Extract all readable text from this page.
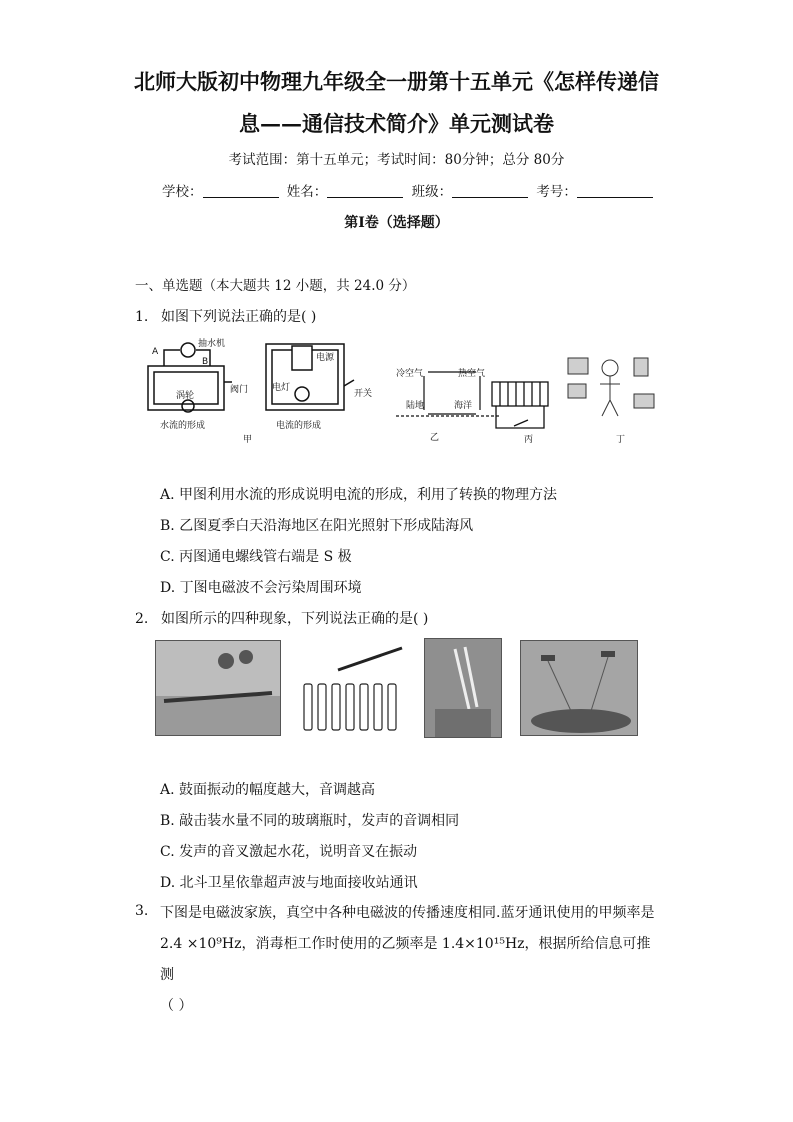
北师大版初中物理九年级全一册第十五单元《怎样传递信
息——通信技术简介》单元测试卷
考试范围：第十五单元；考试时间：80分钟；总分 80分
学校：	姓名：	班级：	考号：
第Ⅰ卷（选择题）
一、单选题（本大题共 12 小题，共 24.0 分）
1. 如图下列说法正确的是( )
抽水机
A
B
涡轮
阀门
水流的形成
甲
电源
电灯
开关
电流的形成
冷空气	热空气
陆地	海洋
乙	丙	丁
A. 甲图利用水流的形成说明电流的形成，利用了转换的物理方法
B. 乙图夏季白天沿海地区在阳光照射下形成陆海风
C. 丙图通电螺线管右端是 S 极
D. 丁图电磁波不会污染周围环境
2. 如图所示的四种现象，下列说法正确的是( )
A. 鼓面振动的幅度越大，音调越高
B. 敲击装水量不同的玻璃瓶时，发声的音调相同
C. 发声的音叉激起水花，说明音叉在振动
D. 北斗卫星依靠超声波与地面接收站通讯
3. 下图是电磁波家族，真空中各种电磁波的传播速度相同.蓝牙通讯使用的甲频率是
2.4 ×10⁹Hz，消毒柜工作时使用的乙频率是 1.4×10¹⁵Hz，根据所给信息可推测
（ ）
